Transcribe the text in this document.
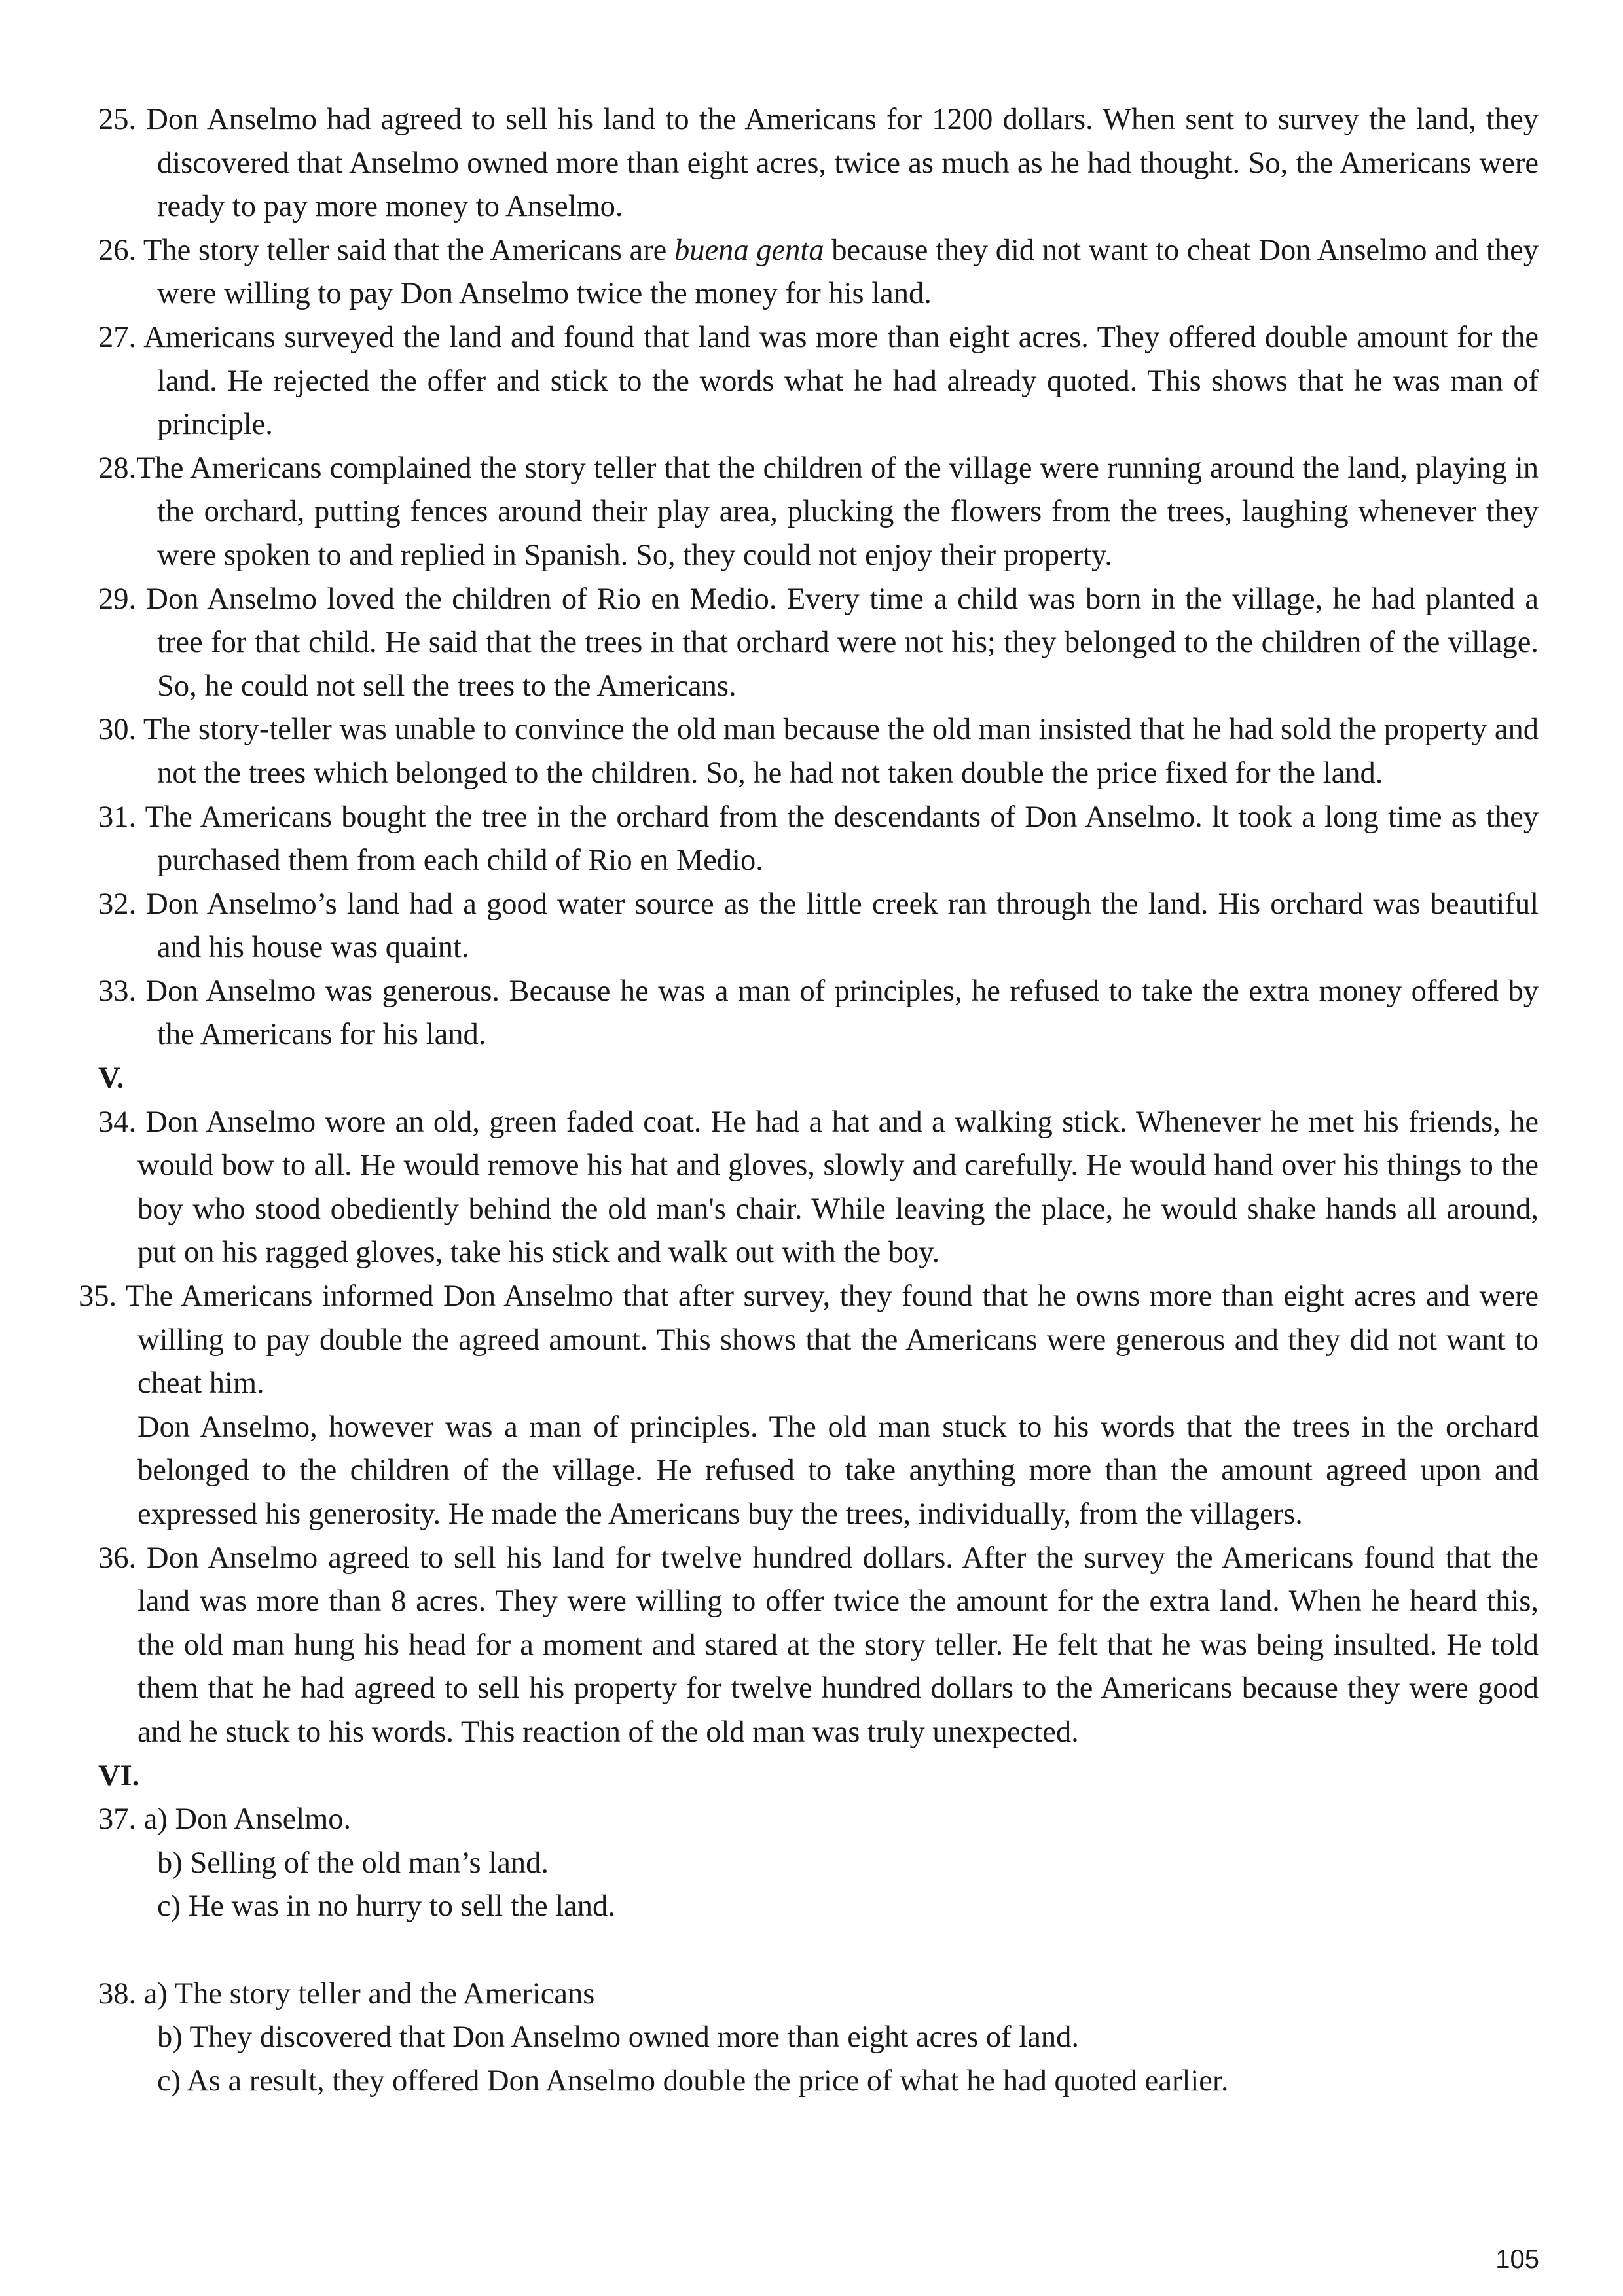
25. Don Anselmo had agreed to sell his land to the Americans for 1200 dollars. When sent to survey the land, they discovered that Anselmo owned more than eight acres, twice as much as he had thought. So, the Americans were ready to pay more money to Anselmo.
26. The story teller said that the Americans are buena genta because they did not want to cheat Don Anselmo and they were willing to pay Don Anselmo twice the money for his land.
27. Americans surveyed the land and found that land was more than eight acres. They offered double amount for the land. He rejected the offer and stick to the words what he had already quoted. This shows that he was man of principle.
28.The Americans complained the story teller that the children of the village were running around the land, playing in the orchard, putting fences around their play area, plucking the flowers from the trees, laughing whenever they were spoken to and replied in Spanish. So, they could not enjoy their property.
29. Don Anselmo loved the children of Rio en Medio. Every time a child was born in the village, he had planted a tree for that child. He said that the trees in that orchard were not his; they belonged to the children of the village. So, he could not sell the trees to the Americans.
30. The story-teller was unable to convince the old man because the old man insisted that he had sold the property and not the trees which belonged to the children. So, he had not taken double the price fixed for the land.
31. The Americans bought the tree in the orchard from the descendants of Don Anselmo. lt took a long time as they purchased them from each child of Rio en Medio.
32. Don Anselmo’s land had a good water source as the little creek ran through the land. His orchard was beautiful and his house was quaint.
33. Don Anselmo was generous. Because he was a man of principles, he refused to take the extra money offered by the Americans for his land.
V.
34. Don Anselmo wore an old, green faded coat. He had a hat and a walking stick. Whenever he met his friends, he would bow to all. He would remove his hat and gloves, slowly and carefully. He would hand over his things to the boy who stood obediently behind the old man's chair. While leaving the place, he would shake hands all around, put on his ragged gloves, take his stick and walk out with the boy.
35. The Americans informed Don Anselmo that after survey, they found that he owns more than eight acres and were willing to pay double the agreed amount. This shows that the Americans were generous and they did not want to cheat him.
Don Anselmo, however was a man of principles. The old man stuck to his words that the trees in the orchard belonged to the children of the village. He refused to take anything more than the amount agreed upon and expressed his generosity. He made the Americans buy the trees, individually, from the villagers.
36. Don Anselmo agreed to sell his land for twelve hundred dollars. After the survey the Americans found that the land was more than 8 acres. They were willing to offer twice the amount for the extra land. When he heard this, the old man hung his head for a moment and stared at the story teller. He felt that he was being insulted. He told them that he had agreed to sell his property for twelve hundred dollars to the Americans because they were good and he stuck to his words. This reaction of the old man was truly unexpected.
VI.
37. a) Don Anselmo.
b) Selling of the old man’s land.
c) He was in no hurry to sell the land.
38. a) The story teller and the Americans
b) They discovered that Don Anselmo owned more than eight acres of land.
c) As a result, they offered Don Anselmo double the price of what he had quoted earlier.
105
